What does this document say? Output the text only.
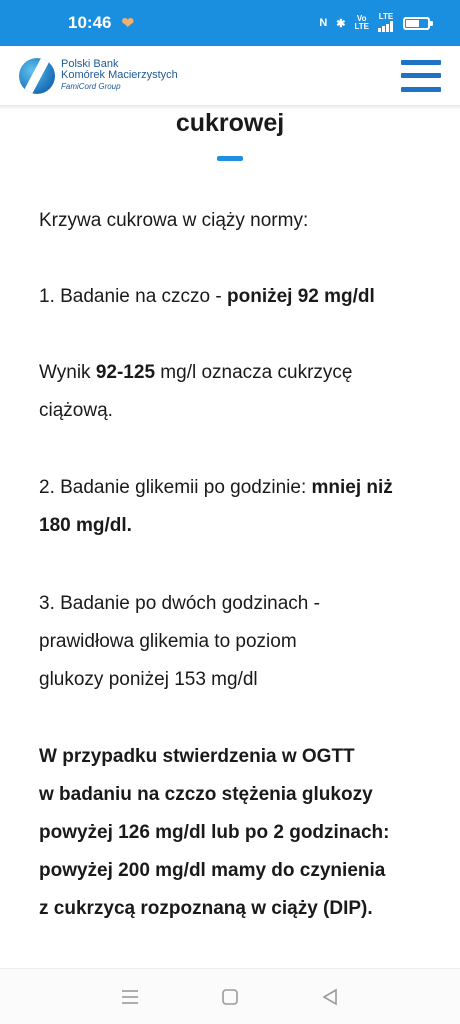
10:46 ❤	N ✱	Vo
LTE
LTE

Polski Bank
Komórek Macierzystych
FamiCord Group
cukrowej

Krzywa cukrowa w ciąży normy:

1. Badanie na czczo - poniżej 92 mg/dl

Wynik 92-125 mg/l oznacza cukrzycę
ciążową.

2. Badanie glikemii po godzinie: mniej niż
180 mg/dl.

3. Badanie po dwóch godzinach -
prawidłowa glikemia to poziom
glukozy poniżej 153 mg/dl

W przypadku stwierdzenia w OGTT
w badaniu na czczo stężenia glukozy
powyżej 126 mg/dl lub po 2 godzinach:
powyżej 200 mg/dl mamy do czynienia
z cukrzycą rozpoznaną w ciąży (DIP).
